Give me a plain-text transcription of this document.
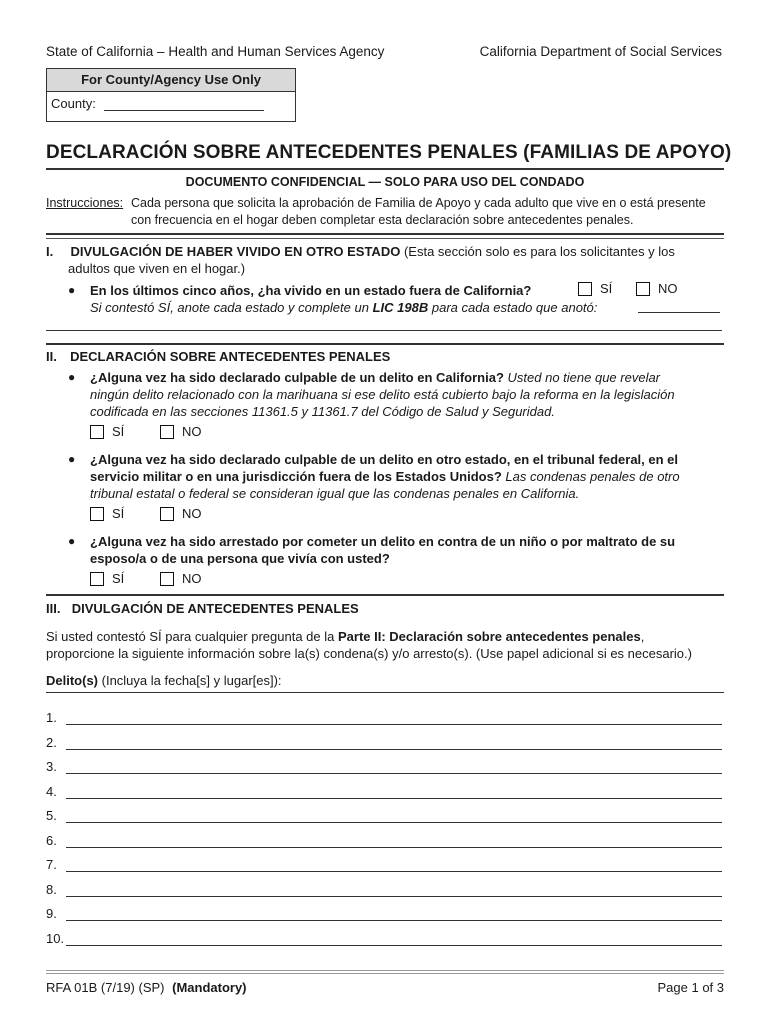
State of California – Health and Human Services Agency	California Department of Social Services
For County/Agency Use Only
County:
DECLARACIÓN SOBRE ANTECEDENTES PENALES (FAMILIAS DE APOYO)
DOCUMENTO CONFIDENCIAL — SOLO PARA USO DEL CONDADO
Instrucciones: Cada persona que solicita la aprobación de Familia de Apoyo y cada adulto que vive en o está presente
con frecuencia en el hogar deben completar esta declaración sobre antecedentes penales.
I. DIVULGACIÓN DE HABER VIVIDO EN OTRO ESTADO (Esta sección solo es para los solicitantes y los
adultos que viven en el hogar.)
● En los últimos cinco años, ¿ha vivido en un estado fuera de California?	SÍ	NO
Si contestó SÍ, anote cada estado y complete un LIC 198B para cada estado que anotó:
II. DECLARACIÓN SOBRE ANTECEDENTES PENALES
● ¿Alguna vez ha sido declarado culpable de un delito en California? Usted no tiene que revelar
ningún delito relacionado con la marihuana si ese delito está cubierto bajo la reforma en la legislación
codificada en las secciones 11361.5 y 11361.7 del Código de Salud y Seguridad.
SÍ	NO
● ¿Alguna vez ha sido declarado culpable de un delito en otro estado, en el tribunal federal, en el
servicio militar o en una jurisdicción fuera de los Estados Unidos? Las condenas penales de otro
tribunal estatal o federal se consideran igual que las condenas penales en California.
SÍ	NO
● ¿Alguna vez ha sido arrestado por cometer un delito en contra de un niño o por maltrato de su
esposo/a o de una persona que vivía con usted?
SÍ	NO
III. DIVULGACIÓN DE ANTECEDENTES PENALES
Si usted contestó SÍ para cualquier pregunta de la Parte II: Declaración sobre antecedentes penales,
proporcione la siguiente información sobre la(s) condena(s) y/o arresto(s). (Use papel adicional si es necesario.)
Delito(s) (Incluya la fecha[s] y lugar[es]):
1.
2.
3.
4.
5.
6.
7.
8.
9.
10.
RFA 01B (7/19) (SP) (Mandatory)	Page 1 of 3
